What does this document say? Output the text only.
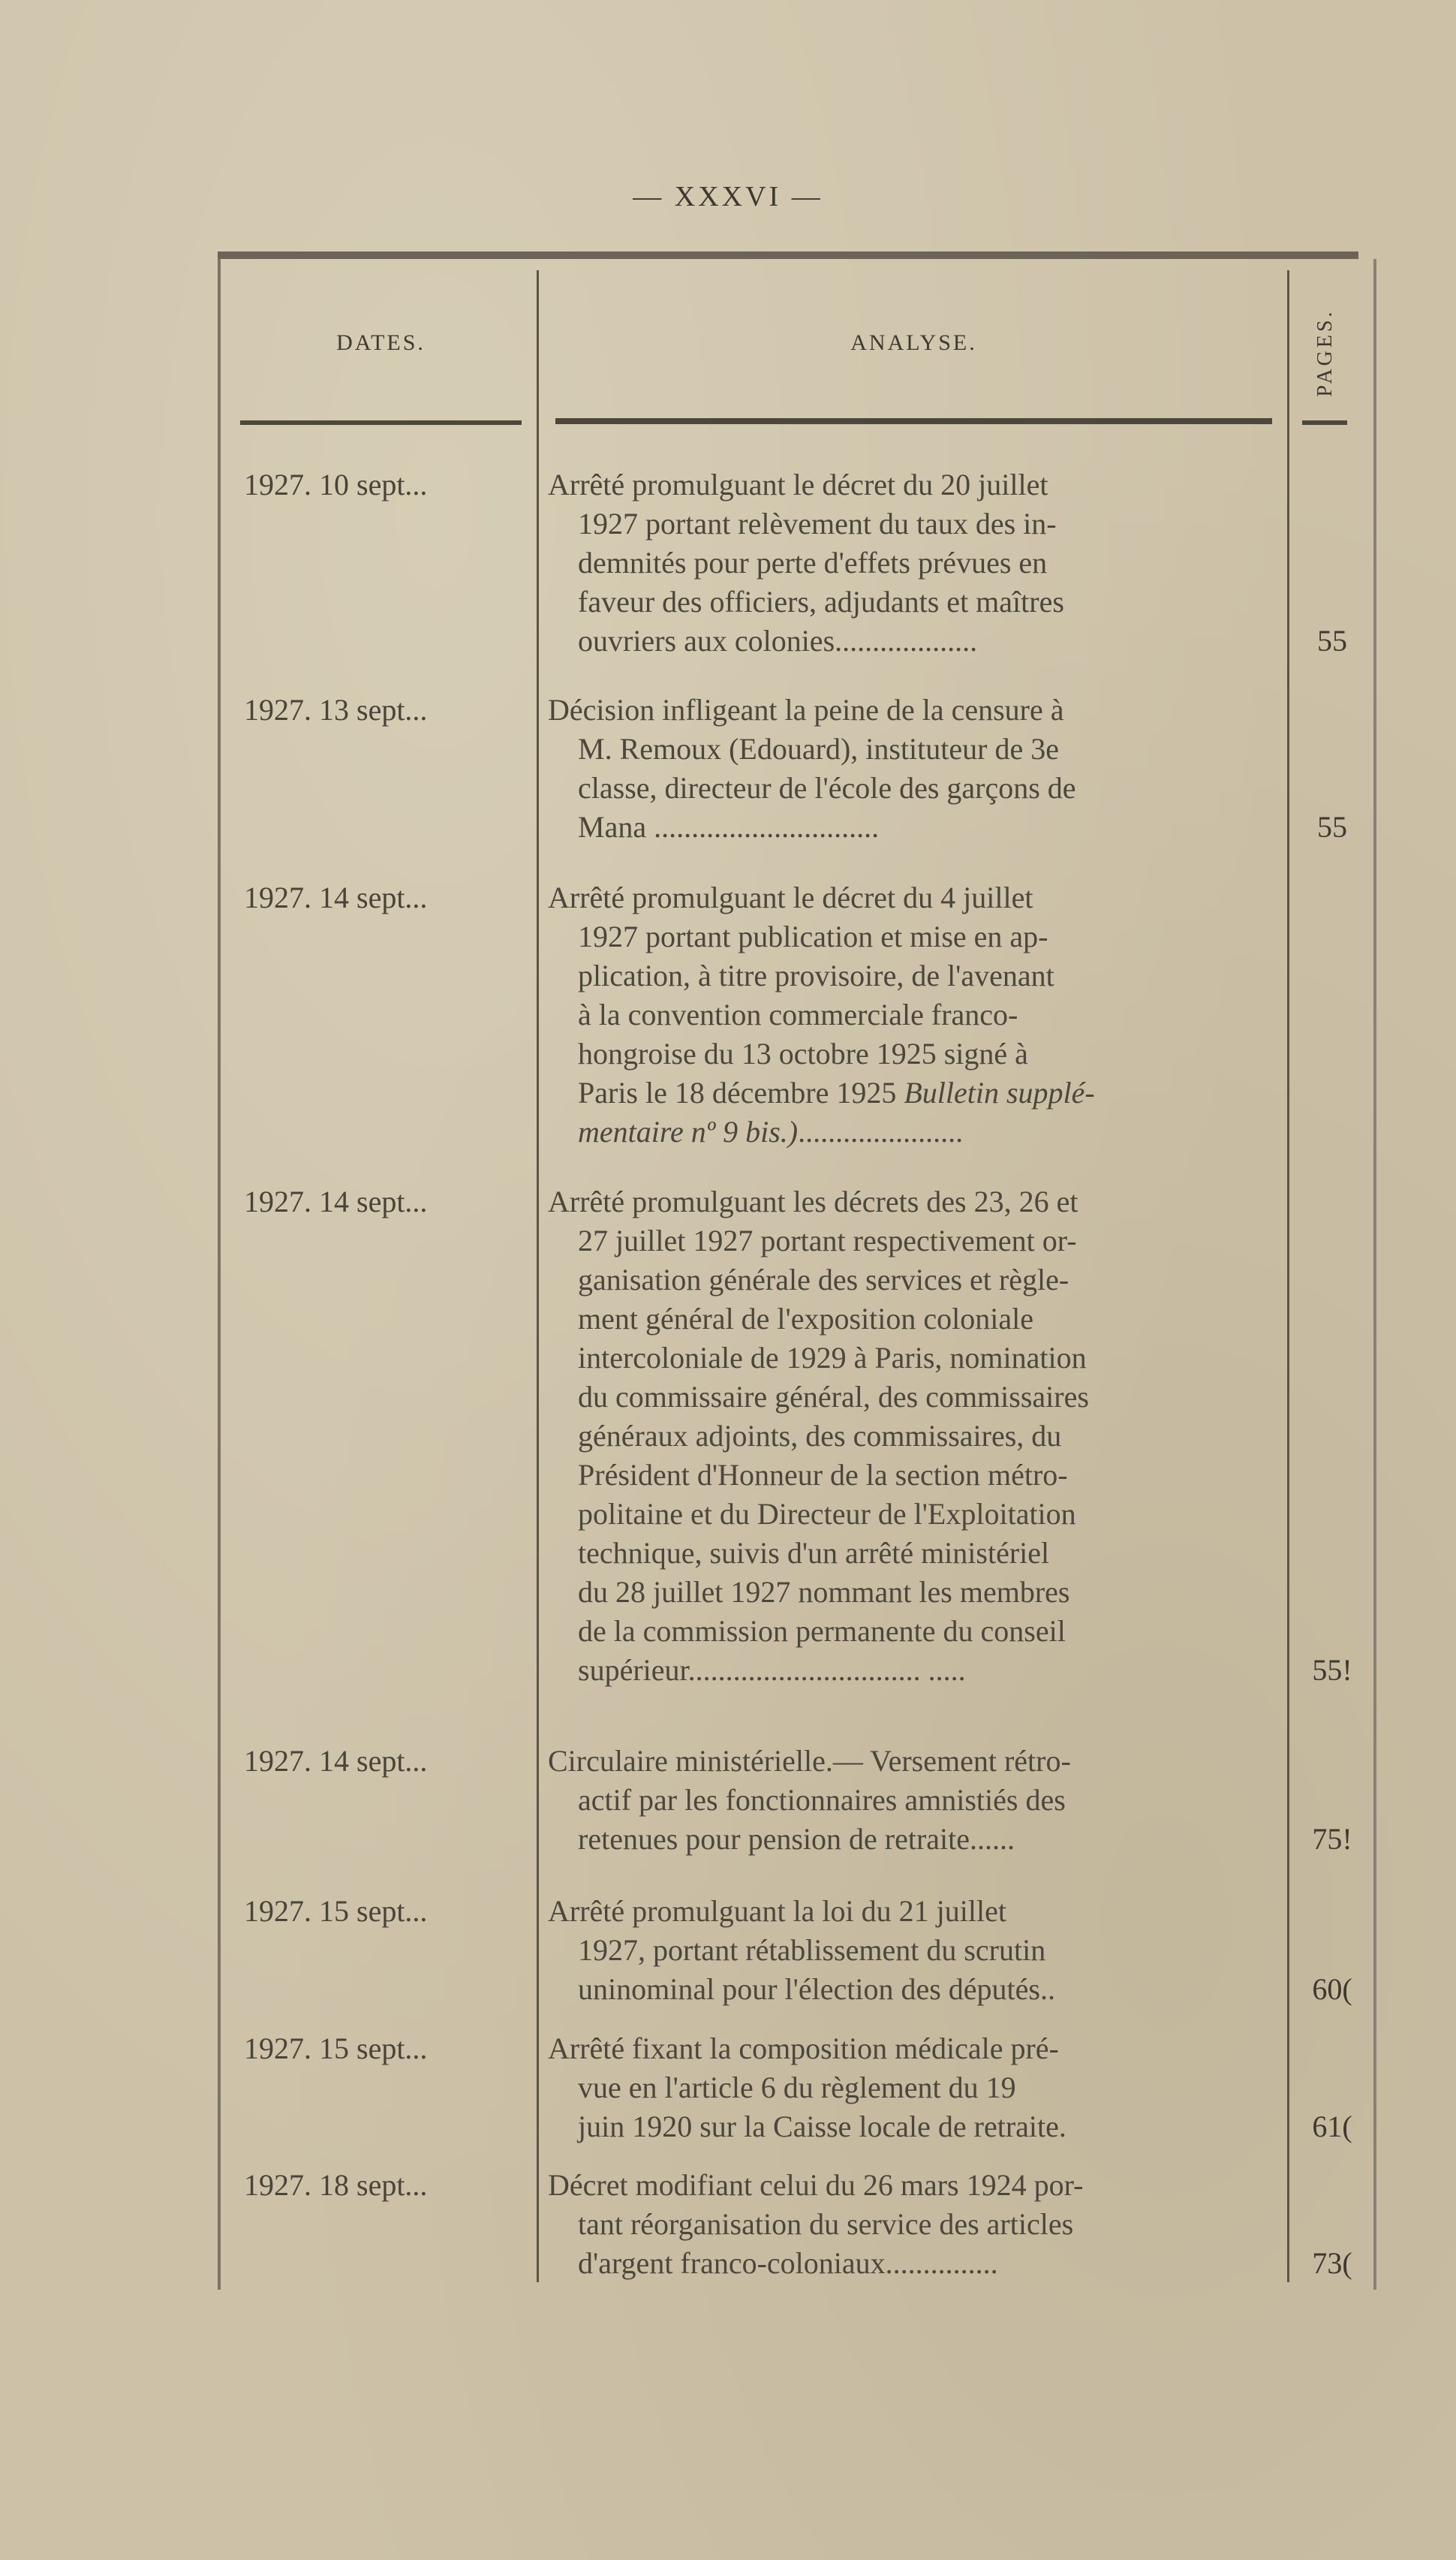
— XXXVI —
DATES.	ANALYSE.	PAGES.
1927. 10 sept...	Arrêté promulguant le décret du 20 juillet
1927 portant relèvement du taux des in-
demnités pour perte d'effets prévues en
faveur des officiers, adjudants et maîtres
ouvriers aux colonies...................	55
1927. 13 sept...	Décision infligeant la peine de la censure à
M. Remoux (Edouard), instituteur de 3e
classe, directeur de l'école des garçons de
Mana ..............................	55
1927. 14 sept...	Arrêté promulguant le décret du 4 juillet
1927 portant publication et mise en ap-
plication, à titre provisoire, de l'avenant
à la convention commerciale franco-
hongroise du 13 octobre 1925 signé à
Paris le 18 décembre 1925 Bulletin supplé-
mentaire nº 9 bis.)......................
1927. 14 sept...	Arrêté promulguant les décrets des 23, 26 et
27 juillet 1927 portant respectivement or-
ganisation générale des services et règle-
ment général de l'exposition coloniale
intercoloniale de 1929 à Paris, nomination
du commissaire général, des commissaires
généraux adjoints, des commissaires, du
Président d'Honneur de la section métro-
politaine et du Directeur de l'Exploitation
technique, suivis d'un arrêté ministériel
du 28 juillet 1927 nommant les membres
de la commission permanente du conseil
supérieur............................... .....	55!
1927. 14 sept...	Circulaire ministérielle.— Versement rétro-
actif par les fonctionnaires amnistiés des
retenues pour pension de retraite......	75!
1927. 15 sept...	Arrêté promulguant la loi du 21 juillet
1927, portant rétablissement du scrutin
uninominal pour l'élection des députés..	60(
1927. 15 sept...	Arrêté fixant la composition médicale pré-
vue en l'article 6 du règlement du 19
juin 1920 sur la Caisse locale de retraite.	61(
1927. 18 sept...	Décret modifiant celui du 26 mars 1924 por-
tant réorganisation du service des articles
d'argent franco-coloniaux...............	73(
